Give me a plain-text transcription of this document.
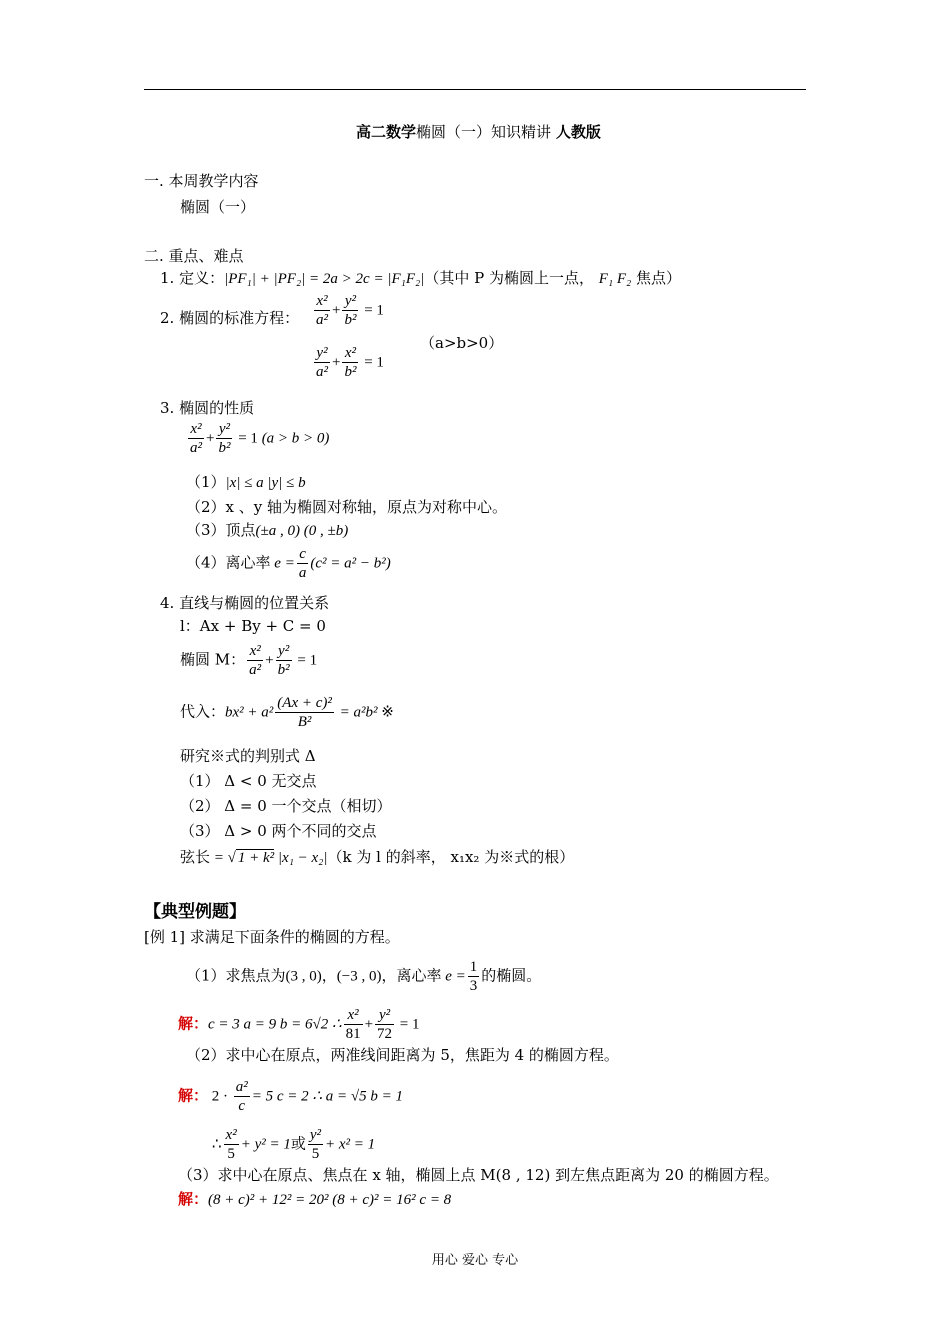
高二数学椭圆（一）知识精讲 人教版
一. 本周教学内容
椭圆（一）
二. 重点、难点
1. 定义：|PF₁| + |PF₂| = 2a > 2c = |F₁F₂|（其中 P 为椭圆上一点， F₁ F₂ 焦点）
2. 椭圆的标准方程： $\frac{\text{x²}}{\text{a²}} + \frac{\text{y²}}{\text{b²}} = 1$
（a>b>0）
$\frac{\text{y²}}{\text{a²}} + \frac{\text{x²}}{\text{b²}} = 1$
3. 椭圆的性质
$\frac{\text{x²}}{\text{a²}} + \frac{\text{y²}}{\text{b²}} = 1$ (a > b > 0)
（1）|x| ≤ a |y| ≤ b
（2）x 、y 轴为椭圆对称轴，原点为对称中心。
（3）顶点(±a , 0) (0 , ±b)
（4）离心率 $e = \frac{c}{a} (c^2 = a^2 - b^2)$
4. 直线与椭圆的位置关系
l：Ax + By + C = 0
椭圆 M： $\frac{\text{x²}}{\text{a²}} + \frac{\text{y²}}{\text{b²}} = 1$
代入：$bx^2 + a^2 \frac{\text{(Ax + c)²}}{\text{B²}} = a^2b^2$ ※
研究※式的判别式 Δ
（1） Δ < 0 无交点
（2） Δ = 0 一个交点（相切）
（3） Δ > 0 两个不同的交点
弦长 = √ 1 + k² |x₁ − x₂|（k 为 l 的斜率， x₁x₂ 为※式的根）
【典型例题】
[例 1] 求满足下面条件的椭圆的方程。
（1）求焦点为(3 , 0)，(−3 , 0)，离心率 $e = \frac{1}{3}$ 的椭圆。
解：c = 3 a = 9 b = 6√2 ∴ $\frac{\text{x²}}{81} + \frac{\text{y²}}{72} = 1$
（2）求中心在原点，两准线间距离为 5，焦距为 4 的椭圆方程。
解： $2 \cdot \frac{\text{a²}}{c} = 5$ c = 2 ∴ a = √5 b = 1
∴ $\frac{\text{x²}}{5} + y^2 = 1$或 $\frac{\text{y²}}{5} + x^2 = 1$
（3）求中心在原点、焦点在 x 轴，椭圆上点 M(8 , 12) 到左焦点距离为 20 的椭圆方程。
解：(8 + c)² + 12² = 20² (8 + c)² = 16² c = 8
用心 爱心 专心
